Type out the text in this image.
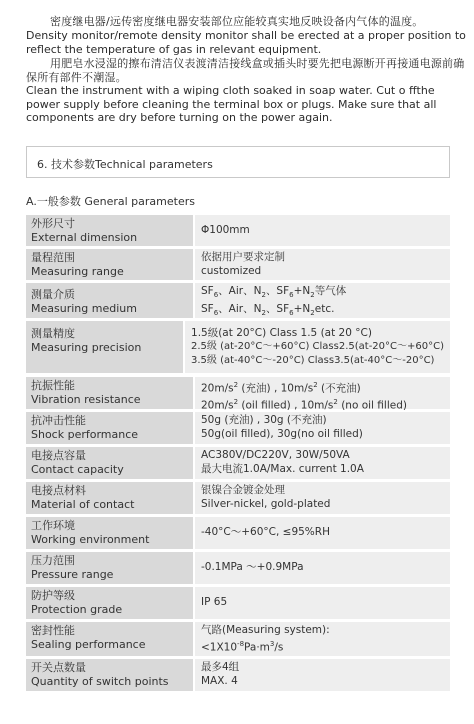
密度继电器/远传密度继电器安装部位应能较真实地反映设备内气体的温度。
Density monitor/remote density monitor shall be erected at a proper position to reflect the temperature of gas in relevant equipment.
用肥皂水浸湿的擦布清洁仪表渡清洁接线盒或插头时要先把电源断开再接通电源前确保所有部件不潮湿。
Clean the instrument with a wiping cloth soaked in soap water. Cut o ffthe power supply before cleaning the terminal box or plugs. Make sure that all components are dry before turning on the power again.
6. 技术参数Technical parameters
A.一般参数 General parameters
外形尺寸
External dimension
Φ100mm
量程范围
Measuring range
依据用户要求定制
customized
测量介质
Measuring medium
$SF_6$、Air、$N_2$、$SF_6+N_2$等气体
$SF_6$、Air、$N_2$、$SF_6+N_2etc$.
测量精度
Measuring precision
1.5级(at 20°C) Class 1.5 (at 20 °C)
2.5级 (at-20°C～+60°C) Class2.5(at-20°C～+60°C)
3.5级 (at-40°C～-20°C) Class3.5(at-40°C～-20°C)
抗振性能
Vibration resistance
$20m/s^2$ (充油) , $10m/s^2$ (不充油)
$20m/s^2$ (oil filled) , $10m/s^2$ (no oil filled)
抗冲击性能
Shock performance
50g (充油) , 30g (不充油)
50g(oil filled), 30g(no oil filled)
电接点容量
Contact capacity
AC380V/DC220V, 30W/50VA
最大电流1.0A/Max. current 1.0A
电接点材料
Material of contact
银镍合金镀金处理
Silver-nickel, gold-plated
工作环境
Working environment
-40°C～+60°C, ≤95%RH
压力范围
Pressure range
-0.1MPa ～+0.9MPa
防护等级
Protection grade
IP 65
密封性能
Sealing performance
气路(Measuring system):
$<1X10^{-8}Pa\cdot m^3/s$
开关点数量
Quantity of switch points
最多4组
MAX. 4
